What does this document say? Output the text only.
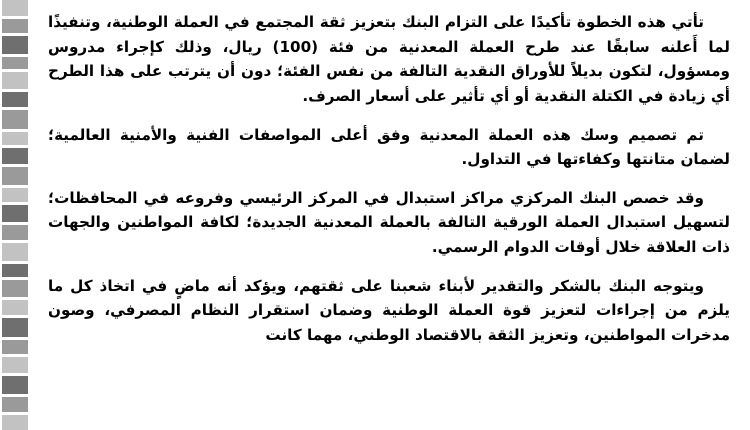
تأتي هذه الخطوة تأكيدًا على التزام البنك بتعزيز ثقة المجتمع في العملة الوطنية، وتنفيذًا لما أَعلنه سابقًا عند طرح العملة المعدنية من فئة (100) ريال، وذلك كإجراء مدروس ومسؤول، لتكون بديلاً للأوراق النقدية التالفة من نفس الفئة؛ دون أن يترتب على هذا الطرح أي زيادة في الكتلة النقدية أو أي تأثير على أسعار الصرف.

تم تصميم وسك هذه العملة المعدنية وفق أعلى المواصفات الفنية والأمنية العالمية؛ لضمان متانتها وكفاءتها في التداول.

وقد خصص البنك المركزي مراكز استبدال في المركز الرئيسي وفروعه في المحافظات؛ لتسهيل استبدال العملة الورقية التالفة بالعملة المعدنية الجديدة؛ لكافة المواطنين والجهات ذات العلاقة خلال أوقات الدوام الرسمي.

ويتوجه البنك بالشكر والتقدير لأبناء شعبنا على ثقتهم، ويؤكد أنه ماضٍ في اتخاذ كل ما يلزم من إجراءات لتعزيز قوة العملة الوطنية وضمان استقرار النظام المصرفي، وصون مدخرات المواطنين، وتعزيز الثقة بالاقتصاد الوطني، مهما كانت
